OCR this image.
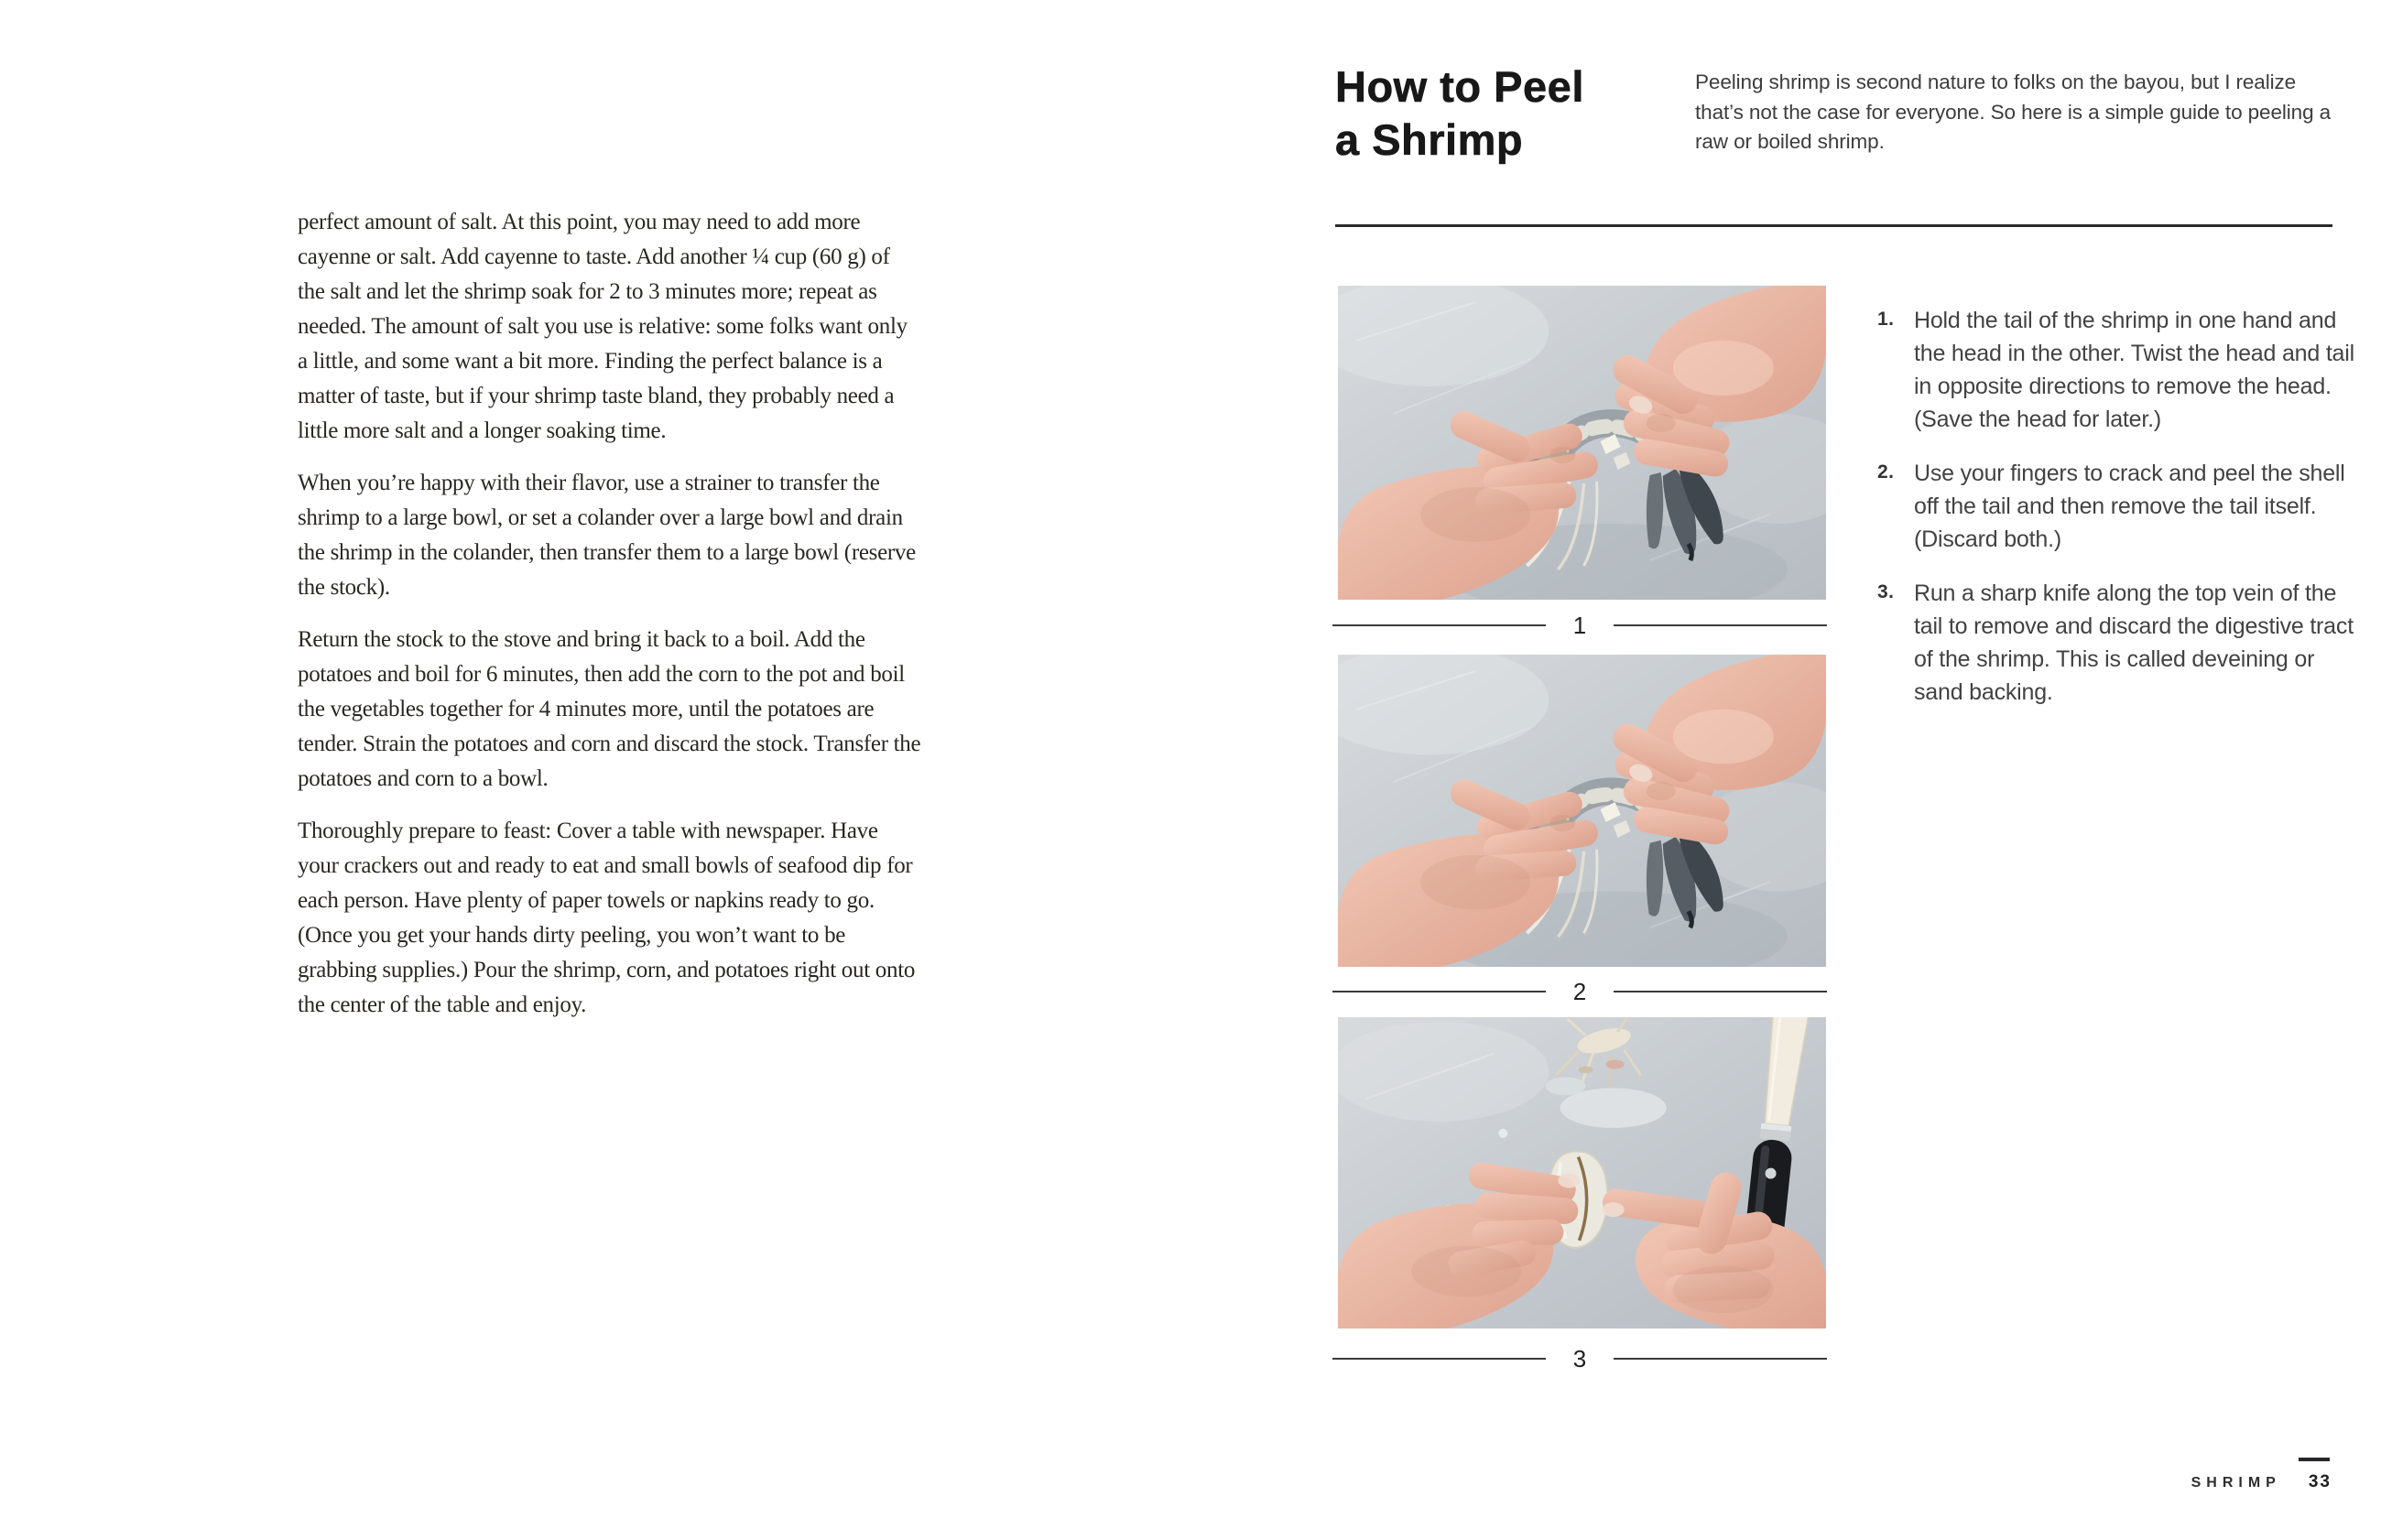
perfect amount of salt. At this point, you may need to add more cayenne or salt. Add cayenne to taste. Add another ¼ cup (60 g) of the salt and let the shrimp soak for 2 to 3 minutes more; repeat as needed. The amount of salt you use is relative: some folks want only a little, and some want a bit more. Finding the perfect balance is a matter of taste, but if your shrimp taste bland, they probably need a little more salt and a longer soaking time.

When you’re happy with their flavor, use a strainer to transfer the shrimp to a large bowl, or set a colander over a large bowl and drain the shrimp in the colander, then transfer them to a large bowl (reserve the stock).

Return the stock to the stove and bring it back to a boil. Add the potatoes and boil for 6 minutes, then add the corn to the pot and boil the vegetables together for 4 minutes more, until the potatoes are tender. Strain the potatoes and corn and discard the stock. Transfer the potatoes and corn to a bowl.

Thoroughly prepare to feast: Cover a table with newspaper. Have your crackers out and ready to eat and small bowls of seafood dip for each person. Have plenty of paper towels or napkins ready to go. (Once you get your hands dirty peeling, you won’t want to be grabbing supplies.) Pour the shrimp, corn, and potatoes right out onto the center of the table and enjoy.

How to Peel
a Shrimp

Peeling shrimp is second nature to folks on the bayou, but I realize that’s not the case for everyone. So here is a simple guide to peeling a raw or boiled shrimp.

1
2
3
1. Hold the tail of the shrimp in one hand and the head in the other. Twist the head and tail in opposite directions to remove the head. (Save the head for later.)
2. Use your fingers to crack and peel the shell off the tail and then remove the tail itself. (Discard both.)
3. Run a sharp knife along the top vein of the tail to remove and discard the digestive tract of the shrimp. This is called deveining or sand backing.
SHRIMP 33
